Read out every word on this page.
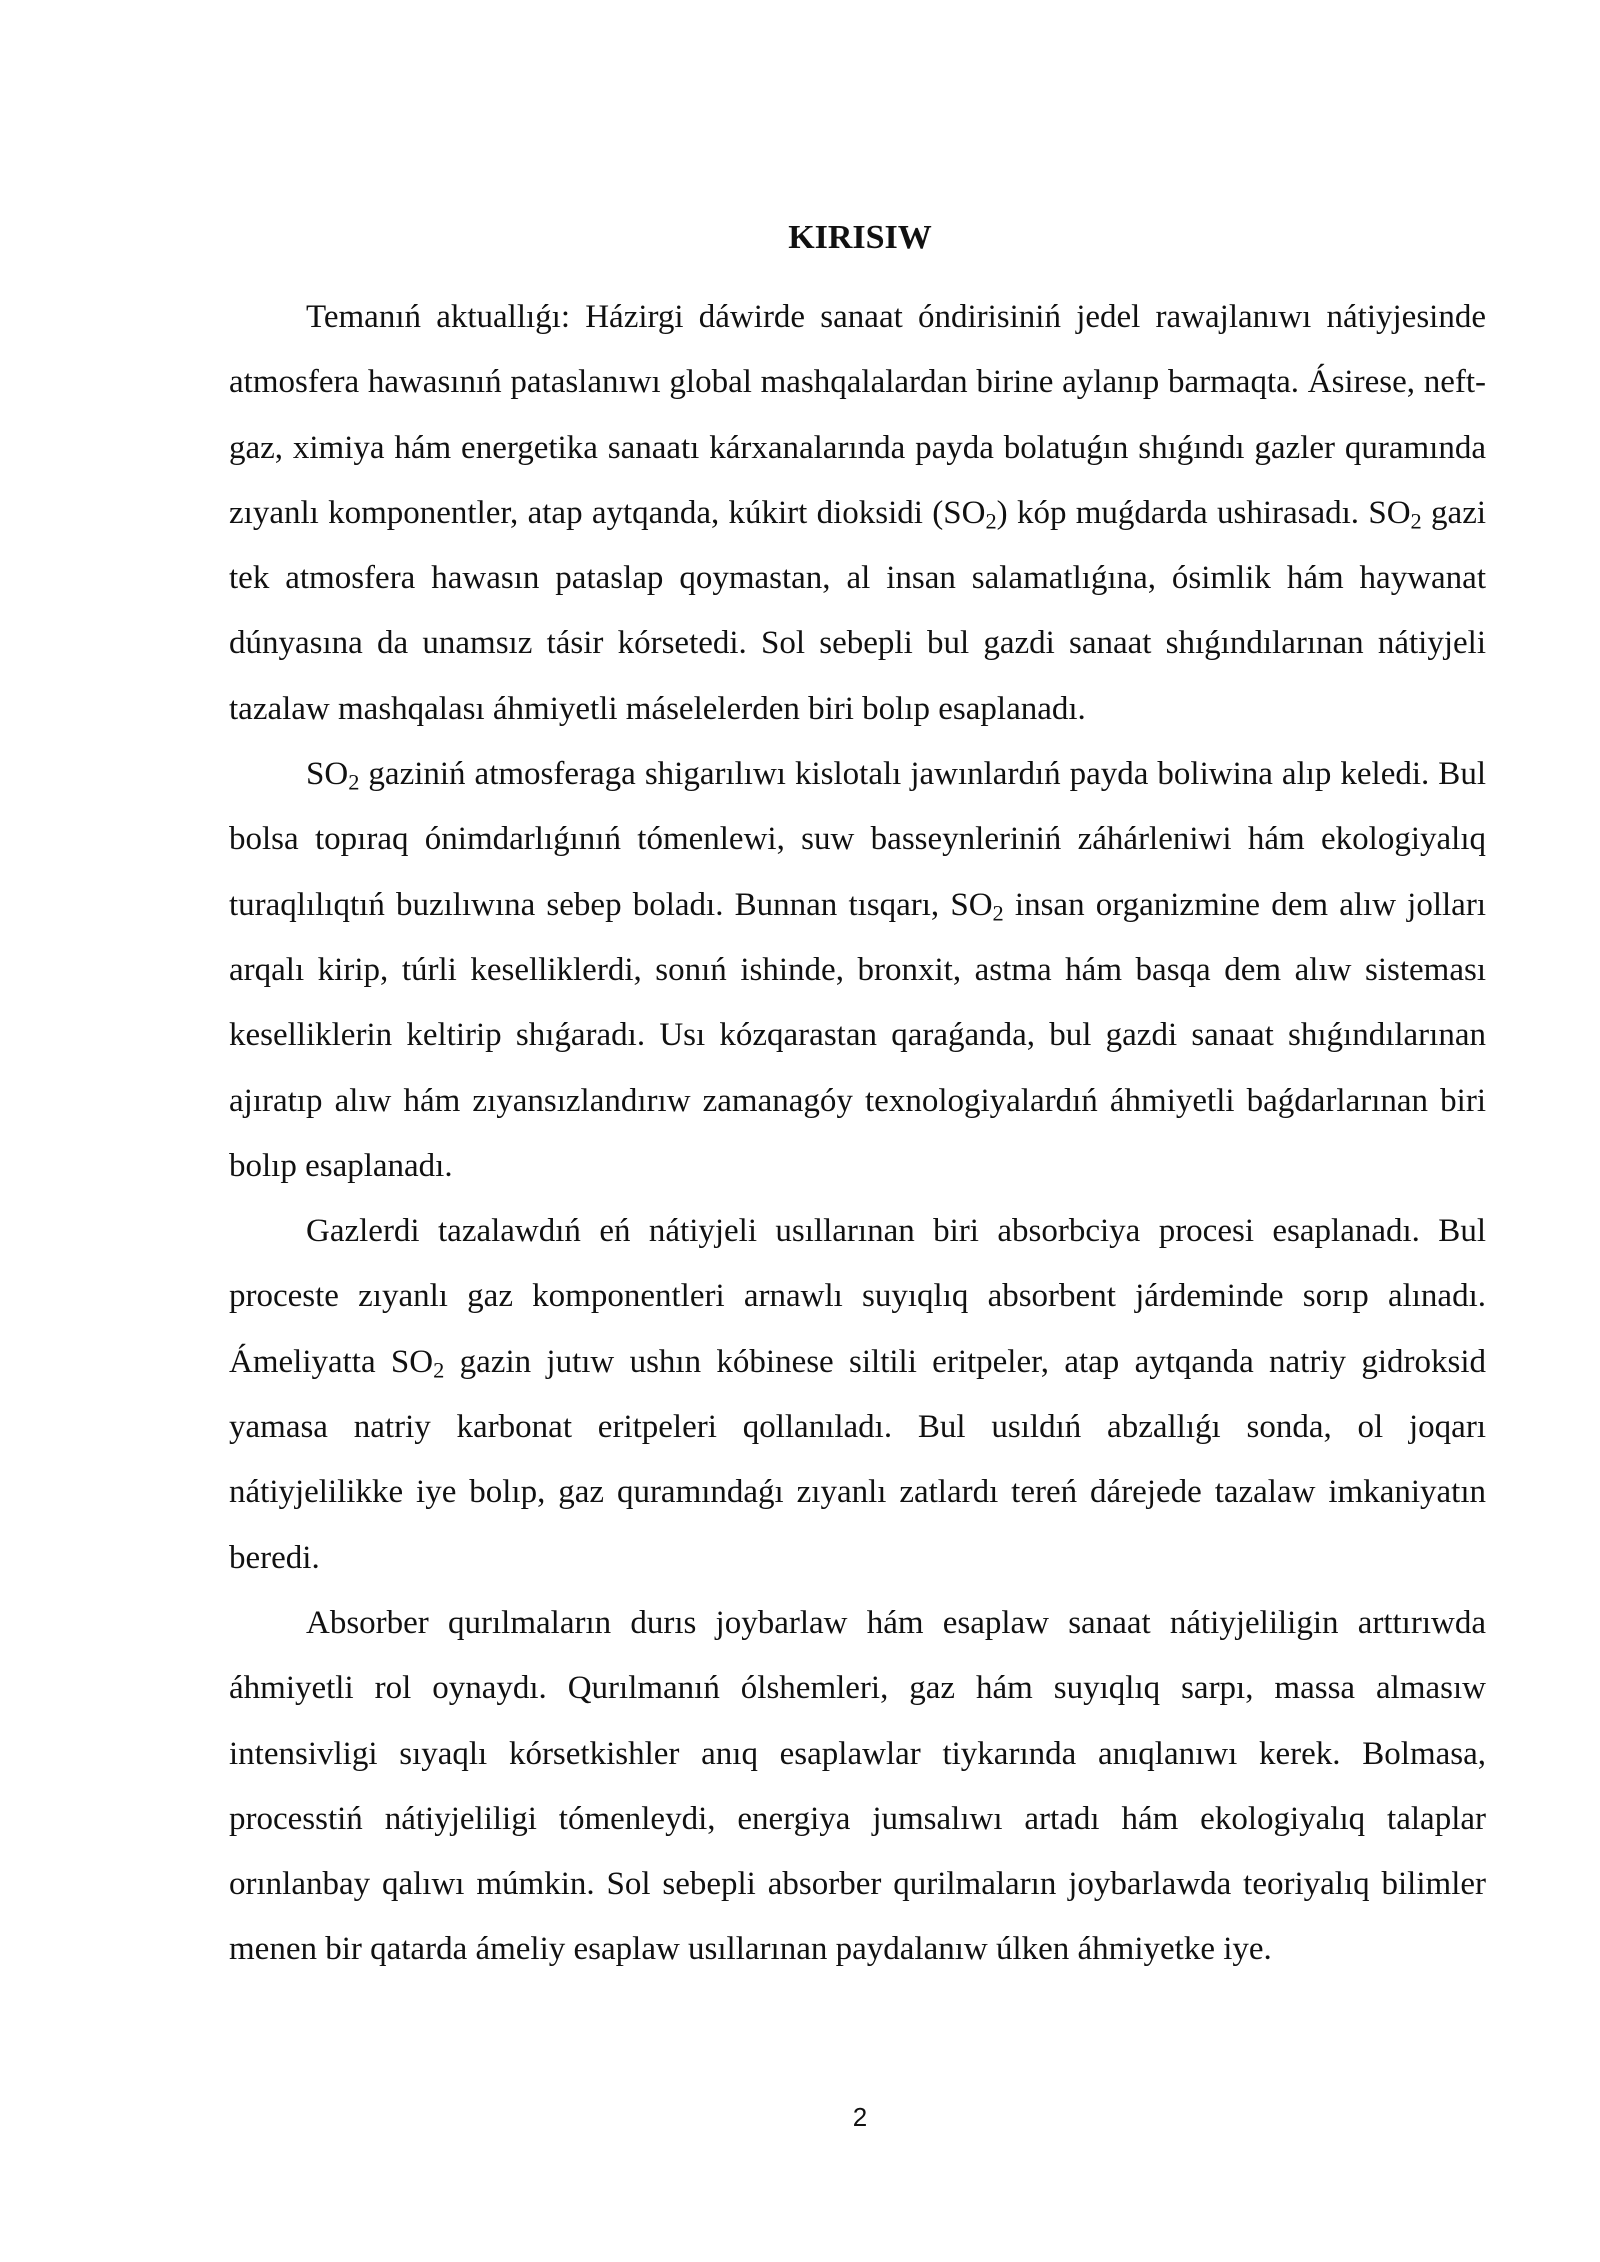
KIRISIW

Temanıń aktuallıǵı: Házirgi dáwirde sanaat óndirisiniń jedel rawajlanıwı nátiyjesinde atmosfera hawasınıń pataslanıwı global mashqalalardan birine aylanıp barmaqta. Ásirese, neft-gaz, ximiya hám energetika sanaatı kárxanalarında payda bolatuǵın shıǵındı gazler quramında zıyanlı komponentler, atap aytqanda, kúkirt dioksidi $(SO_2)$ kóp muǵdarda ushirasadı. $SO_2$ gazi tek atmosfera hawasın pataslap qoymastan, al insan salamatlıǵına, ósimlik hám haywanat dúnyasına da unamsız tásir kórsetedi. Sol sebepli bul gazdi sanaat shıǵındılarınan nátiyjeli tazalaw mashqalası áhmiyetli máselelerden biri bolıp esaplanadı.

$SO_2$ gaziniń atmosferaga shigarılıwı kislotalı jawınlardıń payda boliwina alıp keledi. Bul bolsa topıraq ónimdarlıǵınıń tómenlewi, suw basseynleriniń záhárleniwi hám ekologiyalıq turaqlılıqtıń buzılıwına sebep boladı. Bunnan tısqarı, $SO_2$ insan organizmine dem alıw jolları arqalı kirip, túrli keselliklerdi, sonıń ishinde, bronxit, astma hám basqa dem alıw sisteması keselliklerin keltirip shıǵaradı. Usı kózqarastan qaraǵanda, bul gazdi sanaat shıǵındılarınan ajıratıp alıw hám zıyansızlandırıw zamanagóy texnologiyalardıń áhmiyetli baǵdarlarınan biri bolıp esaplanadı.

Gazlerdi tazalawdıń eń nátiyjeli usıllarınan biri absorbciya procesi esaplanadı. Bul proceste zıyanlı gaz komponentleri arnawlı suyıqlıq absorbent járdeminde sorıp alınadı. Ámeliyatta $SO_2$ gazin jutıw ushın kóbinese siltili eritpeler, atap aytqanda natriy gidroksid yamasa natriy karbonat eritpeleri qollanıladı. Bul usıldıń abzallıǵı sonda, ol joqarı nátiyjelilikke iye bolıp, gaz quramındaǵı zıyanlı zatlardı tereń dárejede tazalaw imkaniyatın beredi.

Absorber qurılmaların durıs joybarlaw hám esaplaw sanaat nátiyjeliligin arttırıwda áhmiyetli rol oynaydı. Qurılmanıń ólshemleri, gaz hám suyıqlıq sarpı, massa almasıw intensivligi sıyaqlı kórsetkishler anıq esaplawlar tiykarında anıqlanıwı kerek. Bolmasa, processtiń nátiyjeliligi tómenleydi, energiya jumsalıwı artadı hám ekologiyalıq talaplar orınlanbay qalıwı múmkin. Sol sebepli absorber qurilmaların joybarlawda teoriyalıq bilimler menen bir qatarda ámeliy esaplaw usıllarınan paydalanıw úlken áhmiyetke iye.

2
